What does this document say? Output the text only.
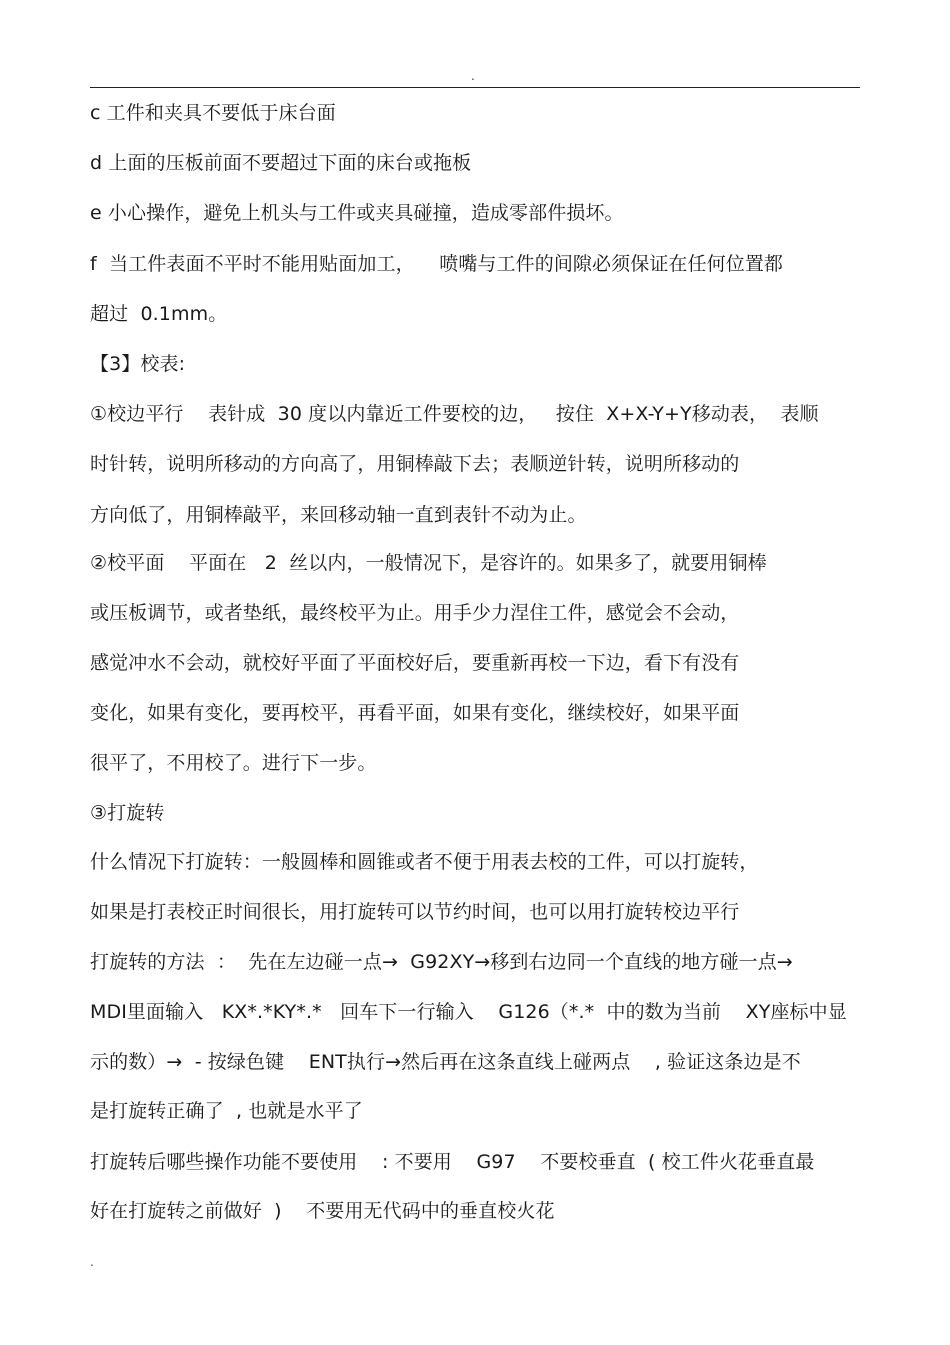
.
c 工件和夹具不要低于床台面
d 上面的压板前面不要超过下面的床台或拖板
e 小心操作，避免上机头与工件或夹具碰撞，造成零部件损坏。
f  当工件表面不平时不能用贴面加工，    喷嘴与工件的间隙必须保证在任何位置都
超过  0.1mm。
【3】校表:
①校边平行    表针成  30 度以内靠近工件要校的边，   按住  X+X-Y+Y移动表，  表顺
时针转，说明所移动的方向高了，用铜棒敲下去；表顺逆针转，说明所移动的
方向低了，用铜棒敲平，来回移动轴一直到表针不动为止。
②校平面    平面在   2  丝以内，一般情况下，是容许的。如果多了，就要用铜棒
或压板调节，或者垫纸，最终校平为止。用手少力涅住工件，感觉会不会动，
感觉冲水不会动，就校好平面了平面校好后，要重新再校一下边，看下有没有
变化，如果有变化，要再校平，再看平面，如果有变化，继续校好，如果平面
很平了，不用校了。进行下一步。
③打旋转
什么情况下打旋转：一般圆棒和圆锥或者不便于用表去校的工件，可以打旋转，
如果是打表校正时间很长，用打旋转可以节约时间，也可以用打旋转校边平行
打旋转的方法  ：  先在左边碰一点→  G92XY→移到右边同一个直线的地方碰一点→
MDI里面输入   KX*.*KY*.*   回车下一行输入    G126（*.*  中的数为当前    XY座标中显
示的数）→  - 按绿色键    ENT执行→然后再在这条直线上碰两点    , 验证这条边是不
是打旋转正确了  , 也就是水平了
打旋转后哪些操作功能不要使用    : 不要用    G97    不要校垂直  ( 校工件火花垂直最
好在打旋转之前做好  )    不要用无代码中的垂直校火花
.
